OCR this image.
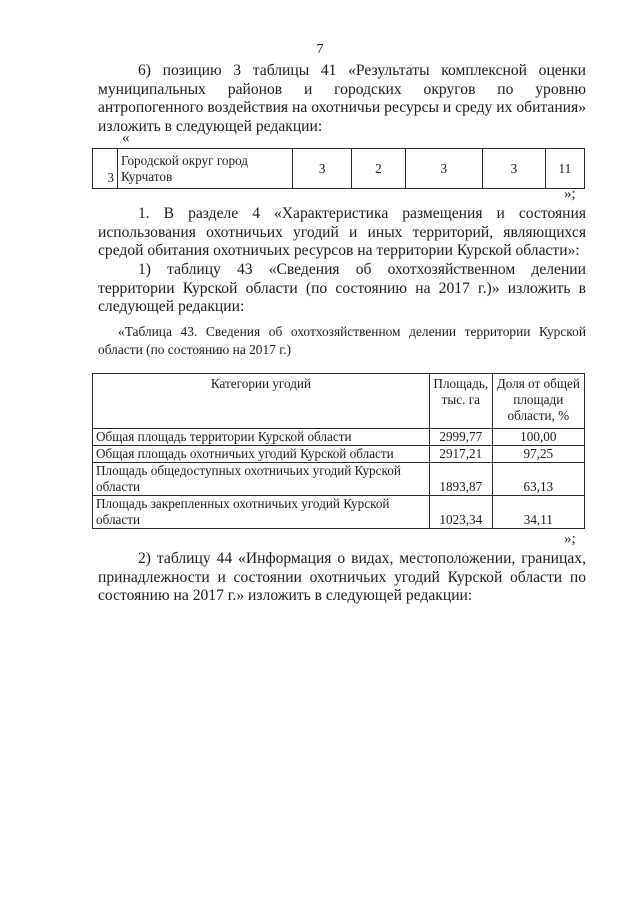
7

6) позицию 3 таблицы 41 «Результаты комплексной оценки муниципальных районов и городских округов по уровню антропогенного воздействия на охотничьи ресурсы и среду их обитания» изложить в следующей редакции:

«
3	Городской округ город Курчатов	3	2	3	3	11
»;

1. В разделе 4 «Характеристика размещения и состояния использования охотничьих угодий и иных территорий, являющихся средой обитания охотничьих ресурсов на территории Курской области»:

1) таблицу 43 «Сведения об охотхозяйственном делении территории Курской области (по состоянию на 2017 г.)» изложить в следующей редакции:

«Таблица 43. Сведения об охотхозяйственном делении территории Курской области (по состоянию на 2017 г.)

Категории угодий	Площадь, тыс. га	Доля от общей площади области, %
Общая площадь территории Курской области	2999,77	100,00
Общая площадь охотничьих угодий Курской области	2917,21	97,25
Площадь общедоступных охотничьих угодий Курской области	1893,87	63,13
Площадь закрепленных охотничьих угодий Курской области	1023,34	34,11
»;

2) таблицу 44 «Информация о видах, местоположении, границах, принадлежности и состоянии охотничьих угодий Курской области по состоянию на 2017 г.» изложить в следующей редакции:
